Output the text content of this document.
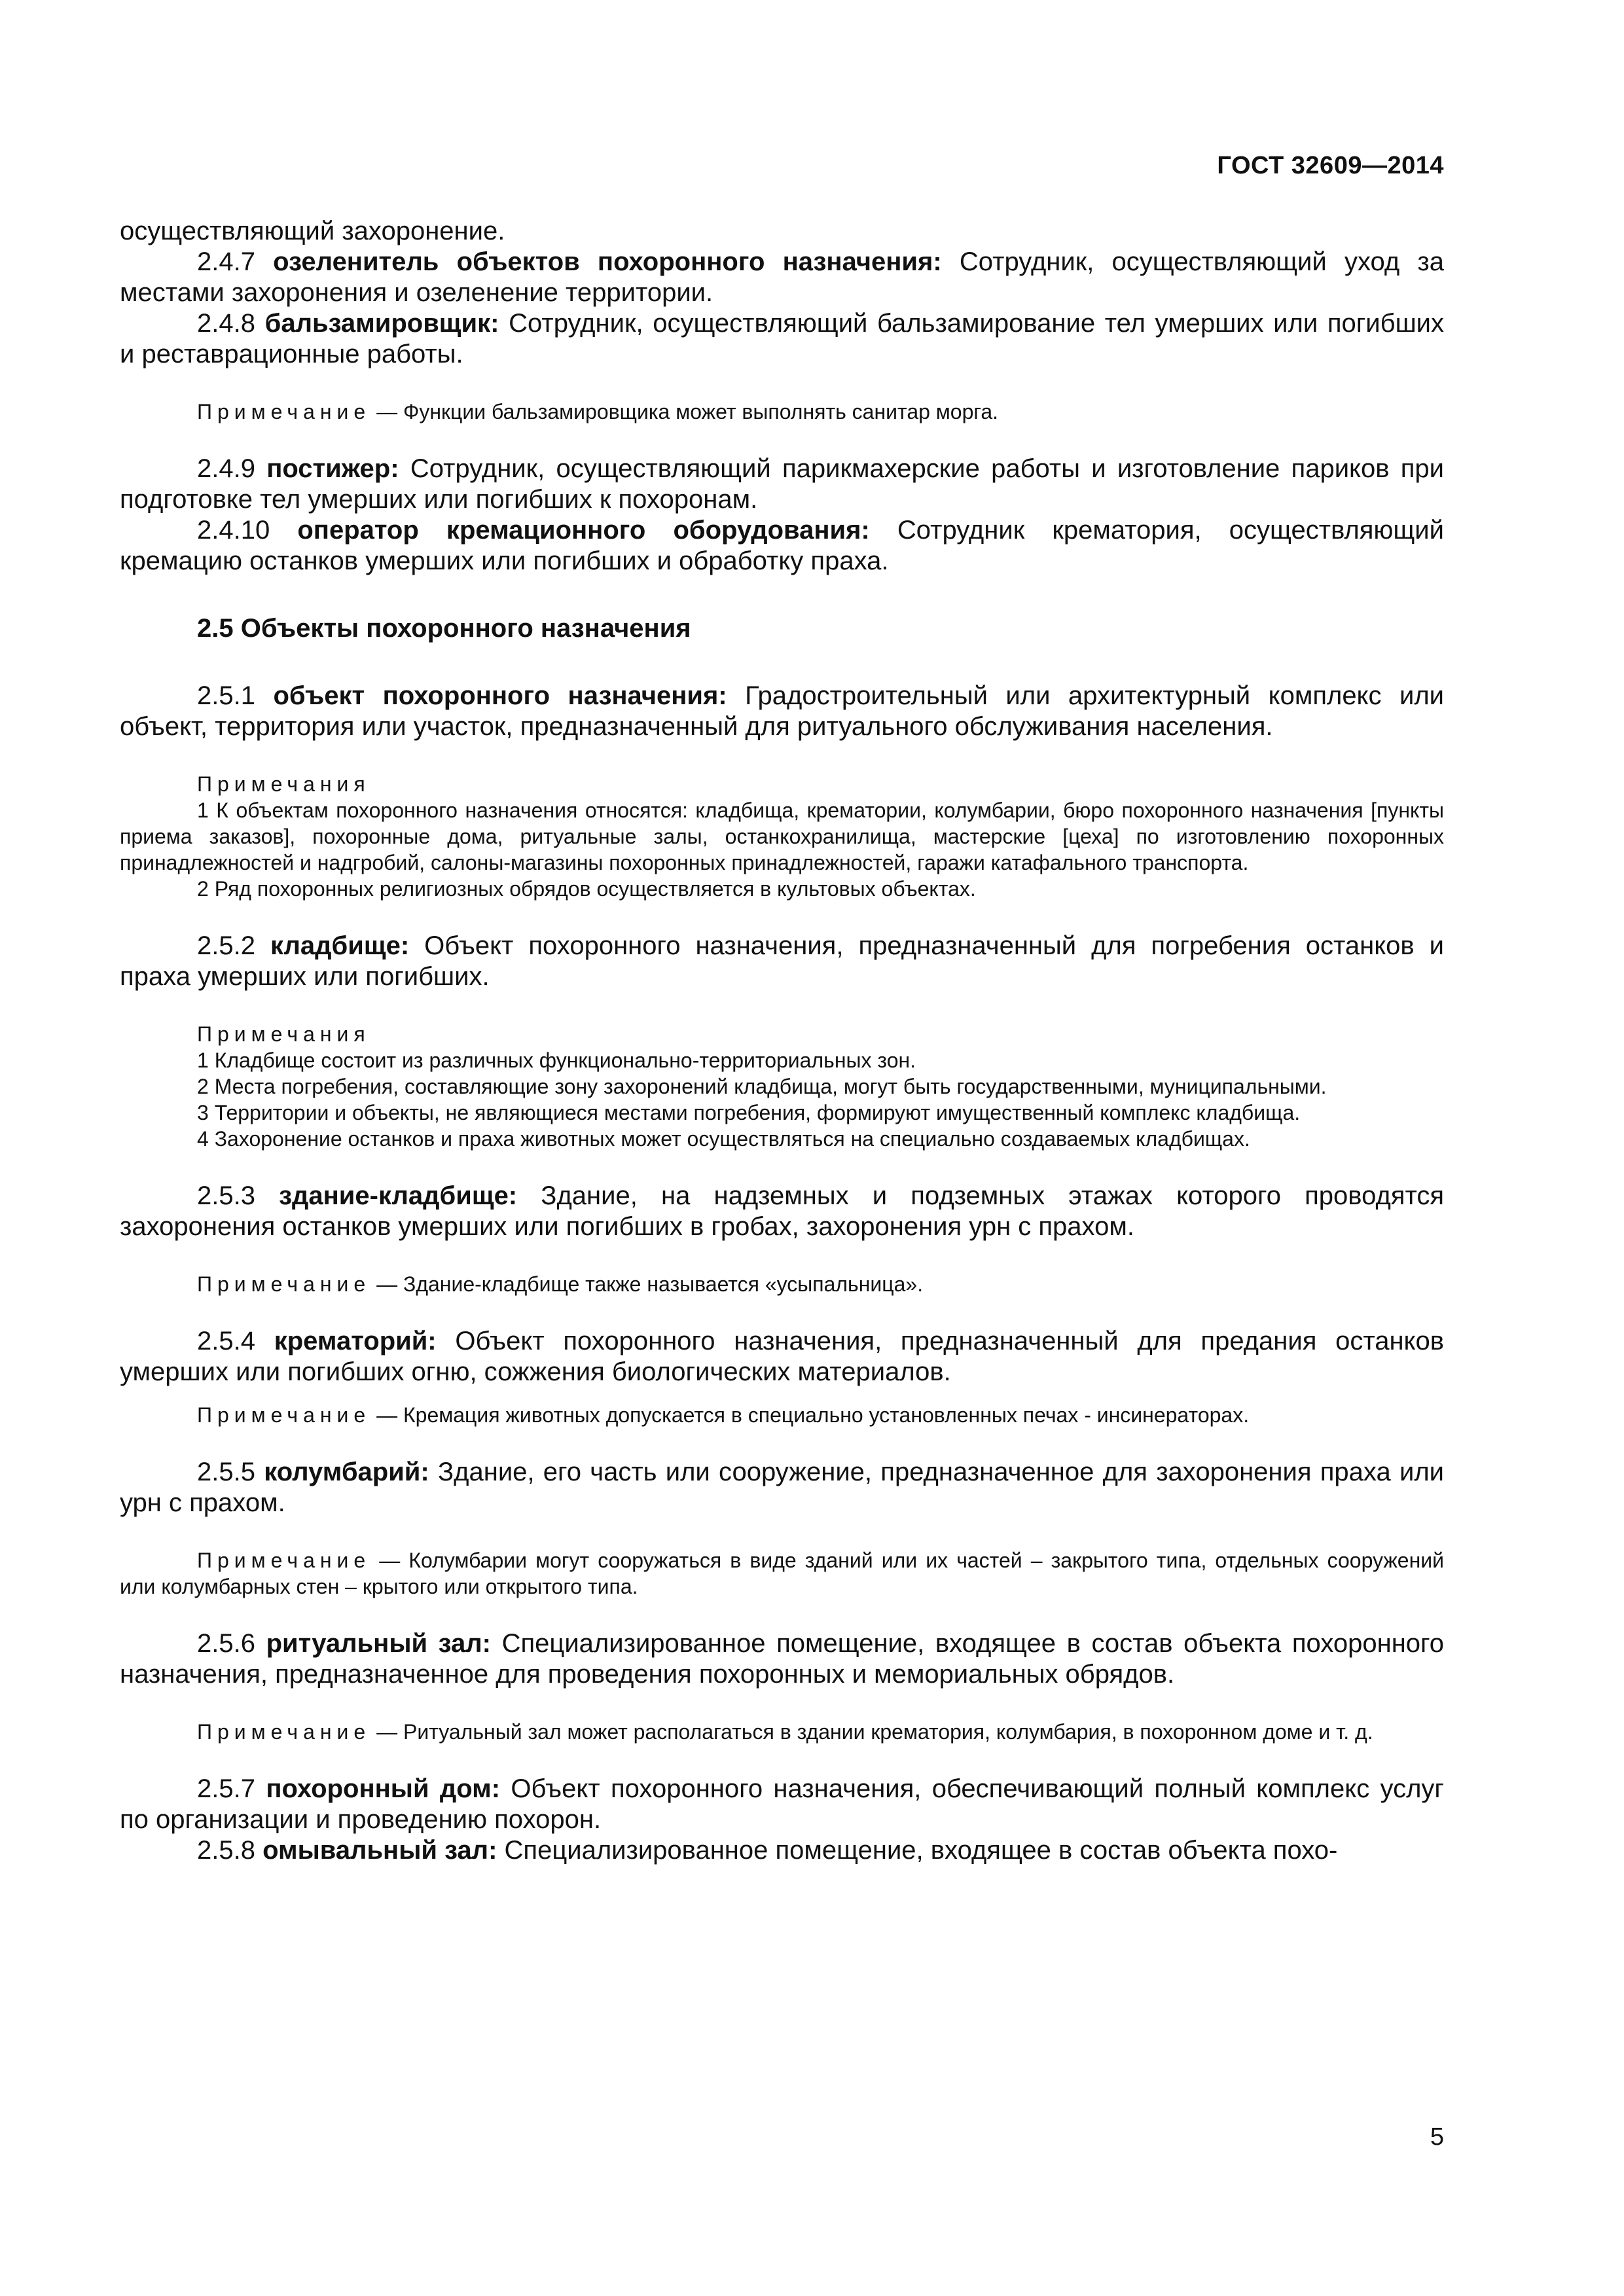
ГОСТ 32609—2014

осуществляющий захоронение.

2.4.7 озеленитель объектов похоронного назначения: Сотрудник, осуществляющий уход за местами захоронения и озеленение территории.

2.4.8 бальзамировщик: Сотрудник, осуществляющий бальзамирование тел умерших или погибших и реставрационные работы.

Примечание — Функции бальзамировщика может выполнять санитар морга.

2.4.9 постижер: Сотрудник, осуществляющий парикмахерские работы и изготовление париков при подготовке тел умерших или погибших к похоронам.

2.4.10 оператор кремационного оборудования: Сотрудник крематория, осуществляющий кремацию останков умерших или погибших и обработку праха.

2.5 Объекты похоронного назначения

2.5.1 объект похоронного назначения: Градостроительный или архитектурный комплекс или объект, территория или участок, предназначенный для ритуального обслуживания населения.

Примечания

1 К объектам похоронного назначения относятся: кладбища, крематории, колумбарии, бюро похоронного назначения [пункты приема заказов], похоронные дома, ритуальные залы, останкохранилища, мастерские [цеха] по изготовлению похоронных принадлежностей и надгробий, салоны-магазины похоронных принадлежностей, гаражи катафального транспорта.

2 Ряд похоронных религиозных обрядов осуществляется в культовых объектах.

2.5.2 кладбище: Объект похоронного назначения, предназначенный для погребения останков и праха умерших или погибших.

Примечания

1 Кладбище состоит из различных функционально-территориальных зон.

2 Места погребения, составляющие зону захоронений кладбища, могут быть государственными, муниципальными.

3 Территории и объекты, не являющиеся местами погребения, формируют имущественный комплекс кладбища.

4 Захоронение останков и праха животных может осуществляться на специально создаваемых кладбищах.

2.5.3 здание-кладбище: Здание, на надземных и подземных этажах которого проводятся захоронения останков умерших или погибших в гробах, захоронения урн с прахом.

Примечание — Здание-кладбище также называется «усыпальница».

2.5.4 крематорий: Объект похоронного назначения, предназначенный для предания останков умерших или погибших огню, сожжения биологических материалов.

Примечание — Кремация животных допускается в специально установленных печах - инсинераторах.

2.5.5 колумбарий: Здание, его часть или сооружение, предназначенное для захоронения праха или урн с прахом.

Примечание — Колумбарии могут сооружаться в виде зданий или их частей – закрытого типа, отдельных сооружений или колумбарных стен – крытого или открытого типа.

2.5.6 ритуальный зал: Специализированное помещение, входящее в состав объекта похоронного назначения, предназначенное для проведения похоронных и мемориальных обрядов.

Примечание — Ритуальный зал может располагаться в здании крематория, колумбария, в похоронном доме и т. д.

2.5.7 похоронный дом: Объект похоронного назначения, обеспечивающий полный комплекс услуг по организации и проведению похорон.

2.5.8 омывальный зал: Специализированное помещение, входящее в состав объекта похо-

5
